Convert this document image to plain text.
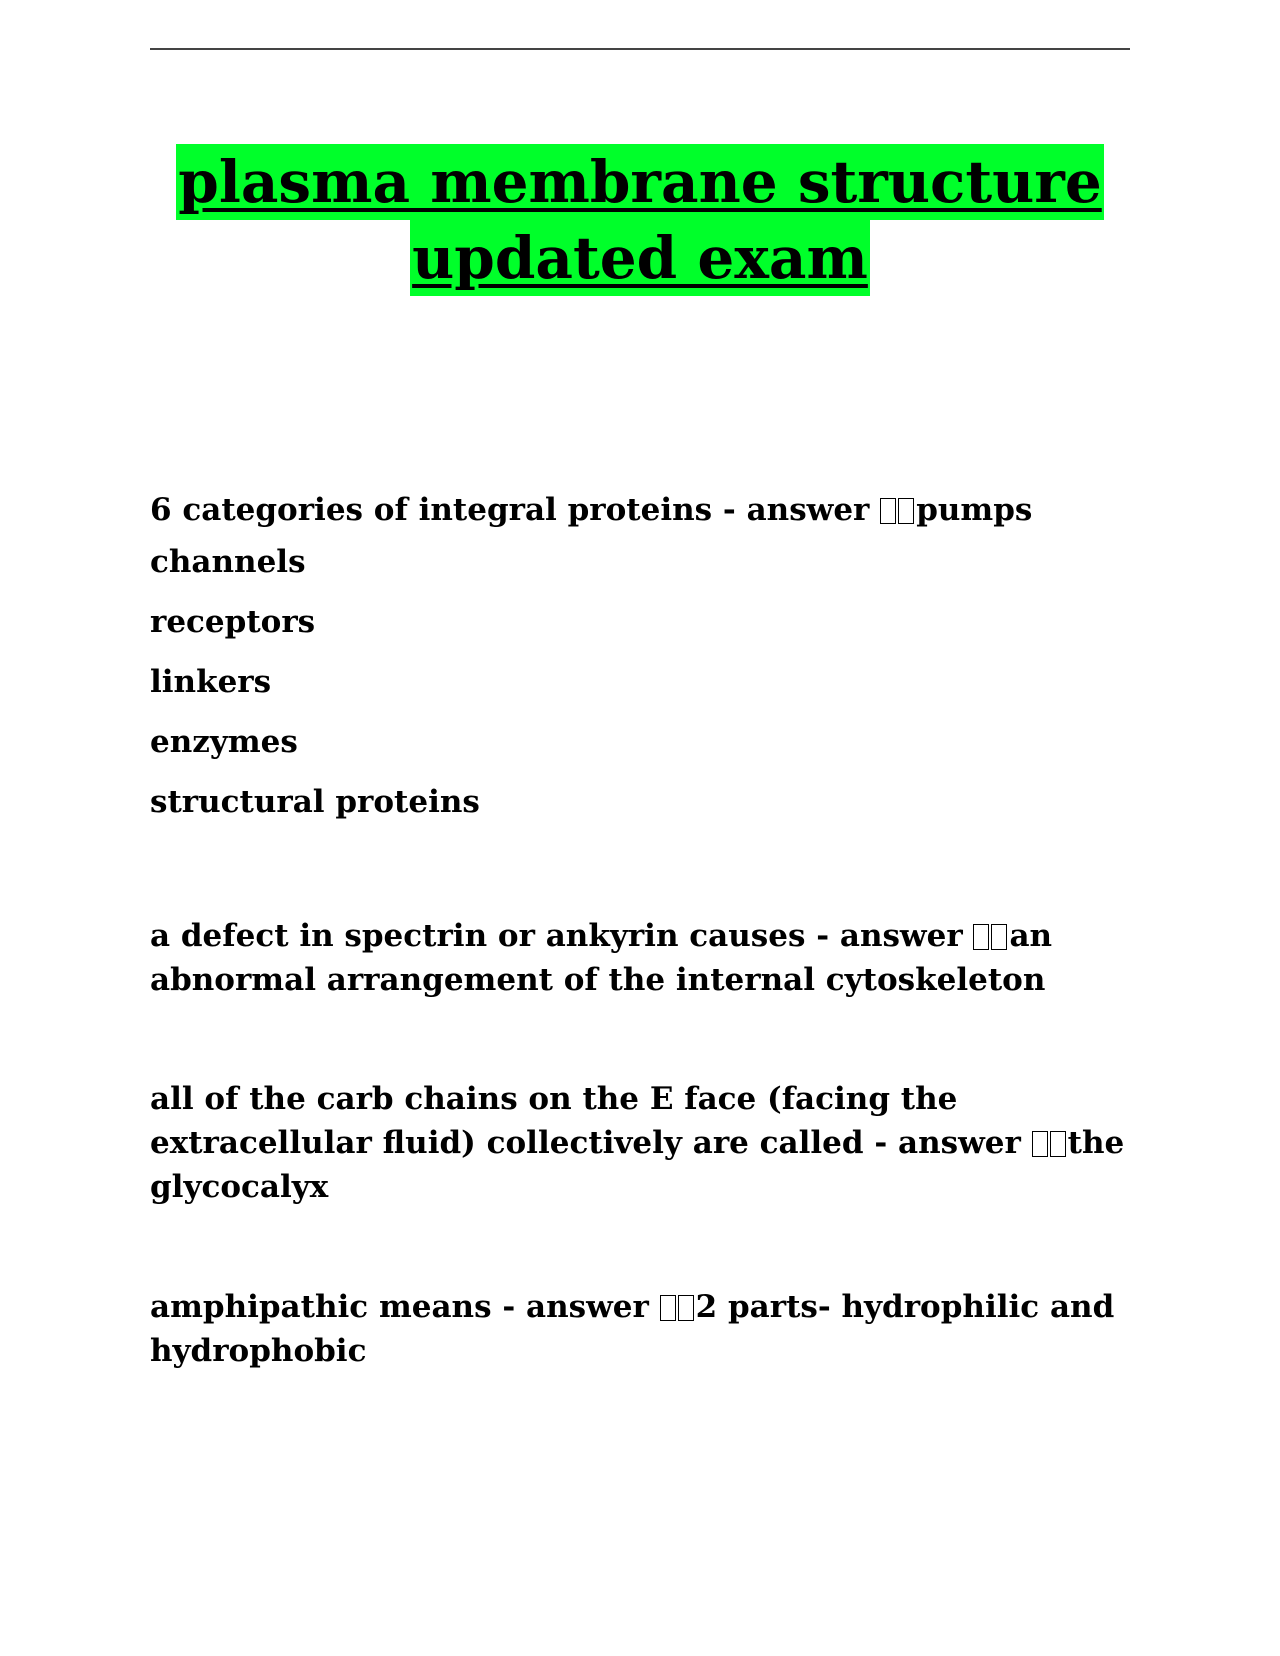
plasma membrane structure
updated exam
6 categories of integral proteins - answer pumps
channels
receptors
linkers
enzymes
structural proteins
a defect in spectrin or ankyrin causes - answer an
abnormal arrangement of the internal cytoskeleton
all of the carb chains on the E face (facing the
extracellular fluid) collectively are called - answer the
glycocalyx
amphipathic means - answer 2 parts- hydrophilic and
hydrophobic
